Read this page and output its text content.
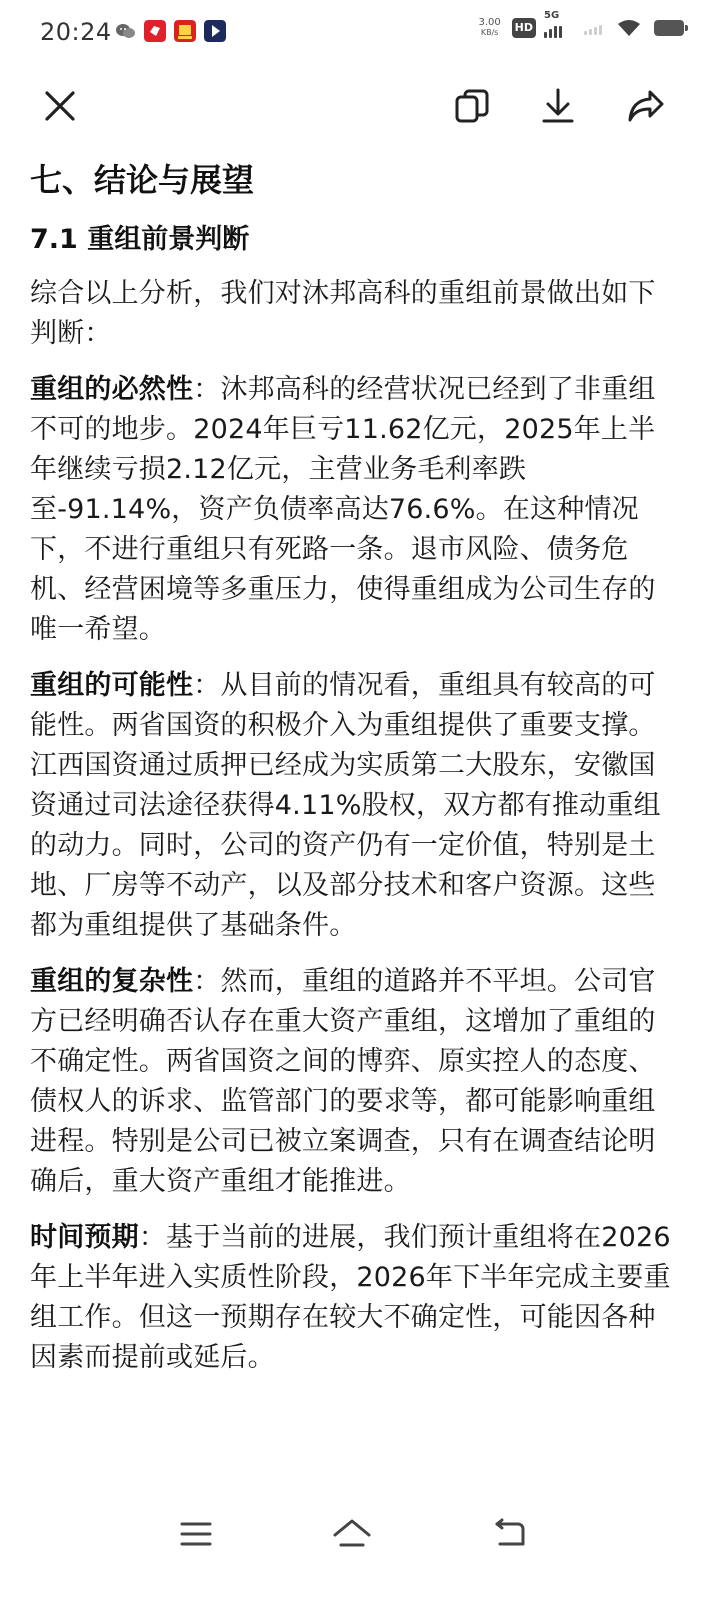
20:24	3.00
KB/s	HD
5G
七、结论与展望
7.1 重组前景判断

综合以上分析，我们对沐邦高科的重组前景做出如下判断：

重组的必然性：沐邦高科的经营状况已经到了非重组不可的地步。2024年巨亏11.62亿元，2025年上半年继续亏损2.12亿元，主营业务毛利率跌至-91.14%，资产负债率高达76.6%。在这种情况下，不进行重组只有死路一条。退市风险、债务危机、经营困境等多重压力，使得重组成为公司生存的唯一希望。

重组的可能性：从目前的情况看，重组具有较高的可能性。两省国资的积极介入为重组提供了重要支撑。江西国资通过质押已经成为实质第二大股东，安徽国资通过司法途径获得4.11%股权，双方都有推动重组的动力。同时，公司的资产仍有一定价值，特别是土地、厂房等不动产，以及部分技术和客户资源。这些都为重组提供了基础条件。

重组的复杂性：然而，重组的道路并不平坦。公司官方已经明确否认存在重大资产重组，这增加了重组的不确定性。两省国资之间的博弈、原实控人的态度、债权人的诉求、监管部门的要求等，都可能影响重组进程。特别是公司已被立案调查，只有在调查结论明确后，重大资产重组才能推进。

时间预期：基于当前的进展，我们预计重组将在2026年上半年进入实质性阶段，2026年下半年完成主要重组工作。但这一预期存在较大不确定性，可能因各种因素而提前或延后。
